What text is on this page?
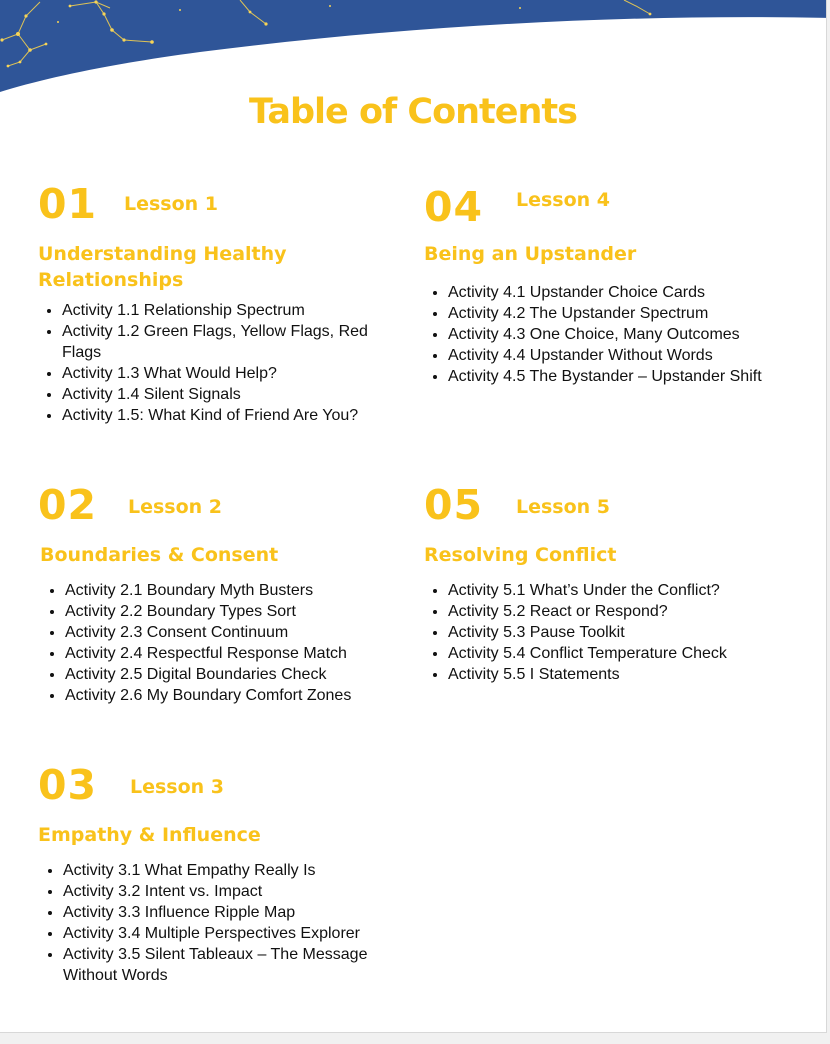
Table of Contents
01 Lesson 1
Understanding Healthy Relationships
Activity 1.1 Relationship Spectrum
Activity 1.2 Green Flags, Yellow Flags, Red Flags
Activity 1.3 What Would Help?
Activity 1.4 Silent Signals
Activity 1.5: What Kind of Friend Are You?
04 Lesson 4
Being an Upstander
Activity 4.1 Upstander Choice Cards
Activity 4.2 The Upstander Spectrum
Activity 4.3 One Choice, Many Outcomes
Activity 4.4 Upstander Without Words
Activity 4.5 The Bystander – Upstander Shift
02 Lesson 2
Boundaries & Consent
Activity 2.1 Boundary Myth Busters
Activity 2.2 Boundary Types Sort
Activity 2.3 Consent Continuum
Activity 2.4 Respectful Response Match
Activity 2.5 Digital Boundaries Check
Activity 2.6 My Boundary Comfort Zones
05 Lesson 5
Resolving Conflict
Activity 5.1 What’s Under the Conflict?
Activity 5.2 React or Respond?
Activity 5.3 Pause Toolkit
Activity 5.4 Conflict Temperature Check
Activity 5.5 I Statements
03 Lesson 3
Empathy & Influence
Activity 3.1 What Empathy Really Is
Activity 3.2 Intent vs. Impact
Activity 3.3 Influence Ripple Map
Activity 3.4 Multiple Perspectives Explorer
Activity 3.5 Silent Tableaux – The Message Without Words
